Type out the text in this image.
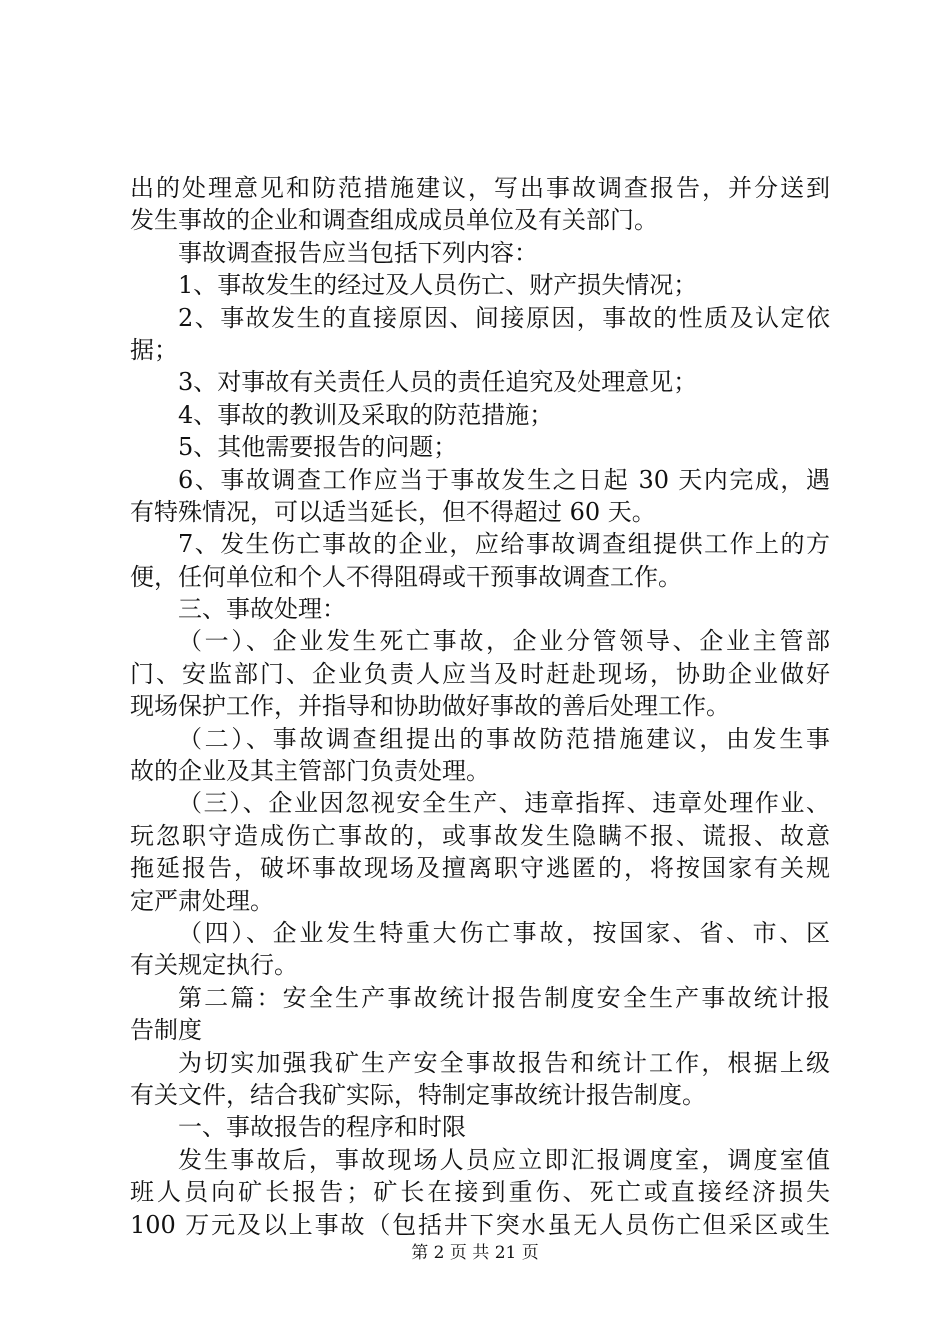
出的处理意见和防范措施建议，写出事故调查报告，并分送到
发生事故的企业和调查组成成员单位及有关部门。
事故调查报告应当包括下列内容：
1、事故发生的经过及人员伤亡、财产损失情况；
2、事故发生的直接原因、间接原因，事故的性质及认定依
据；
3、对事故有关责任人员的责任追究及处理意见；
4、事故的教训及采取的防范措施；
5、其他需要报告的问题；
6、事故调查工作应当于事故发生之日起 30 天内完成，遇
有特殊情况，可以适当延长，但不得超过 60 天。
7、发生伤亡事故的企业，应给事故调查组提供工作上的方
便，任何单位和个人不得阻碍或干预事故调查工作。
三、事故处理：
（一）、企业发生死亡事故，企业分管领导、企业主管部
门、安监部门、企业负责人应当及时赶赴现场，协助企业做好
现场保护工作，并指导和协助做好事故的善后处理工作。
（二）、事故调查组提出的事故防范措施建议，由发生事
故的企业及其主管部门负责处理。
（三）、企业因忽视安全生产、违章指挥、违章处理作业、
玩忽职守造成伤亡事故的，或事故发生隐瞒不报、谎报、故意
拖延报告，破坏事故现场及擅离职守逃匿的，将按国家有关规
定严肃处理。
（四）、企业发生特重大伤亡事故，按国家、省、市、区
有关规定执行。
第二篇：安全生产事故统计报告制度安全生产事故统计报
告制度
为切实加强我矿生产安全事故报告和统计工作，根据上级
有关文件，结合我矿实际，特制定事故统计报告制度。
一、事故报告的程序和时限
发生事故后，事故现场人员应立即汇报调度室，调度室值
班人员向矿长报告；矿长在接到重伤、死亡或直接经济损失
100 万元及以上事故（包括井下突水虽无人员伤亡但采区或生
第 2 页 共 21 页
